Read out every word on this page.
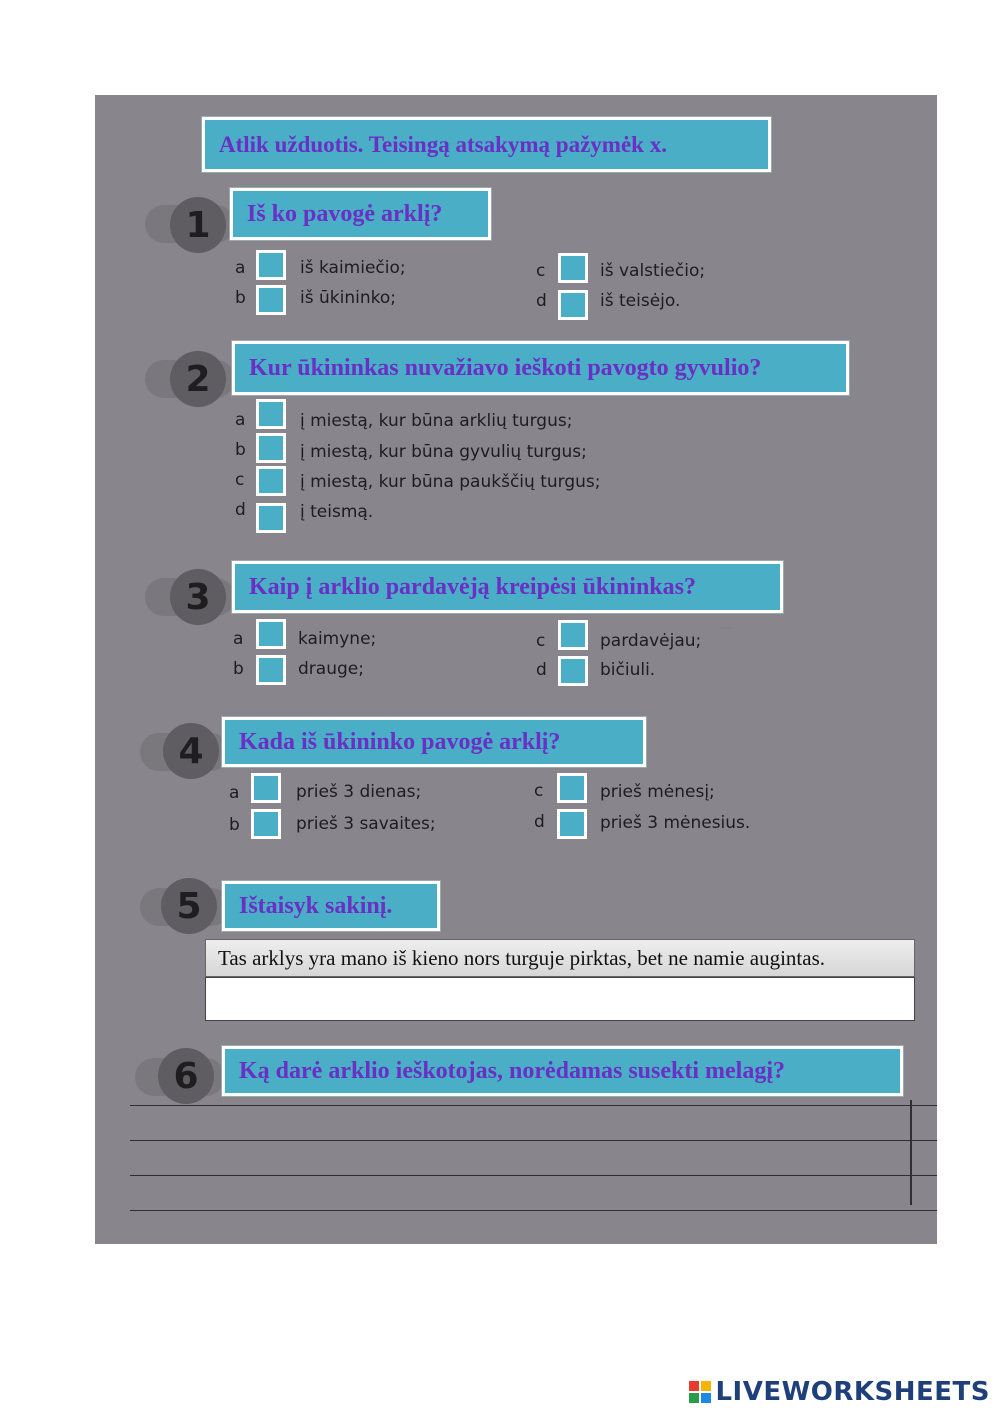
—
Atlik užduotis. Teisingą atsakymą pažymėk x.
1 Iš ko pavogė arklį?
a	iš kaimiečio;
b	iš ūkininko;
c	iš valstiečio;
d	iš teisėjo.
2 Kur ūkininkas nuvažiavo ieškoti pavogto gyvulio?
a	į miestą, kur būna arklių turgus;
b	į miestą, kur būna gyvulių turgus;
c	į miestą, kur būna paukščių turgus;
d	į teismą.
3 Kaip į arklio pardavėją kreipėsi ūkininkas?
a	kaimyne;
b	drauge;
c	pardavėjau;
d	bičiuli.
4 Kada iš ūkininko pavogė arklį?
a	prieš 3 dienas;
b	prieš 3 savaites;
c	prieš mėnesį;
d	prieš 3 mėnesius.
5 Ištaisyk sakinį.
Tas arklys yra mano iš kieno nors turguje pirktas, bet ne namie augintas.
6 Ką darė arklio ieškotojas, norėdamas susekti melagį?
LIVEWORKSHEETS
